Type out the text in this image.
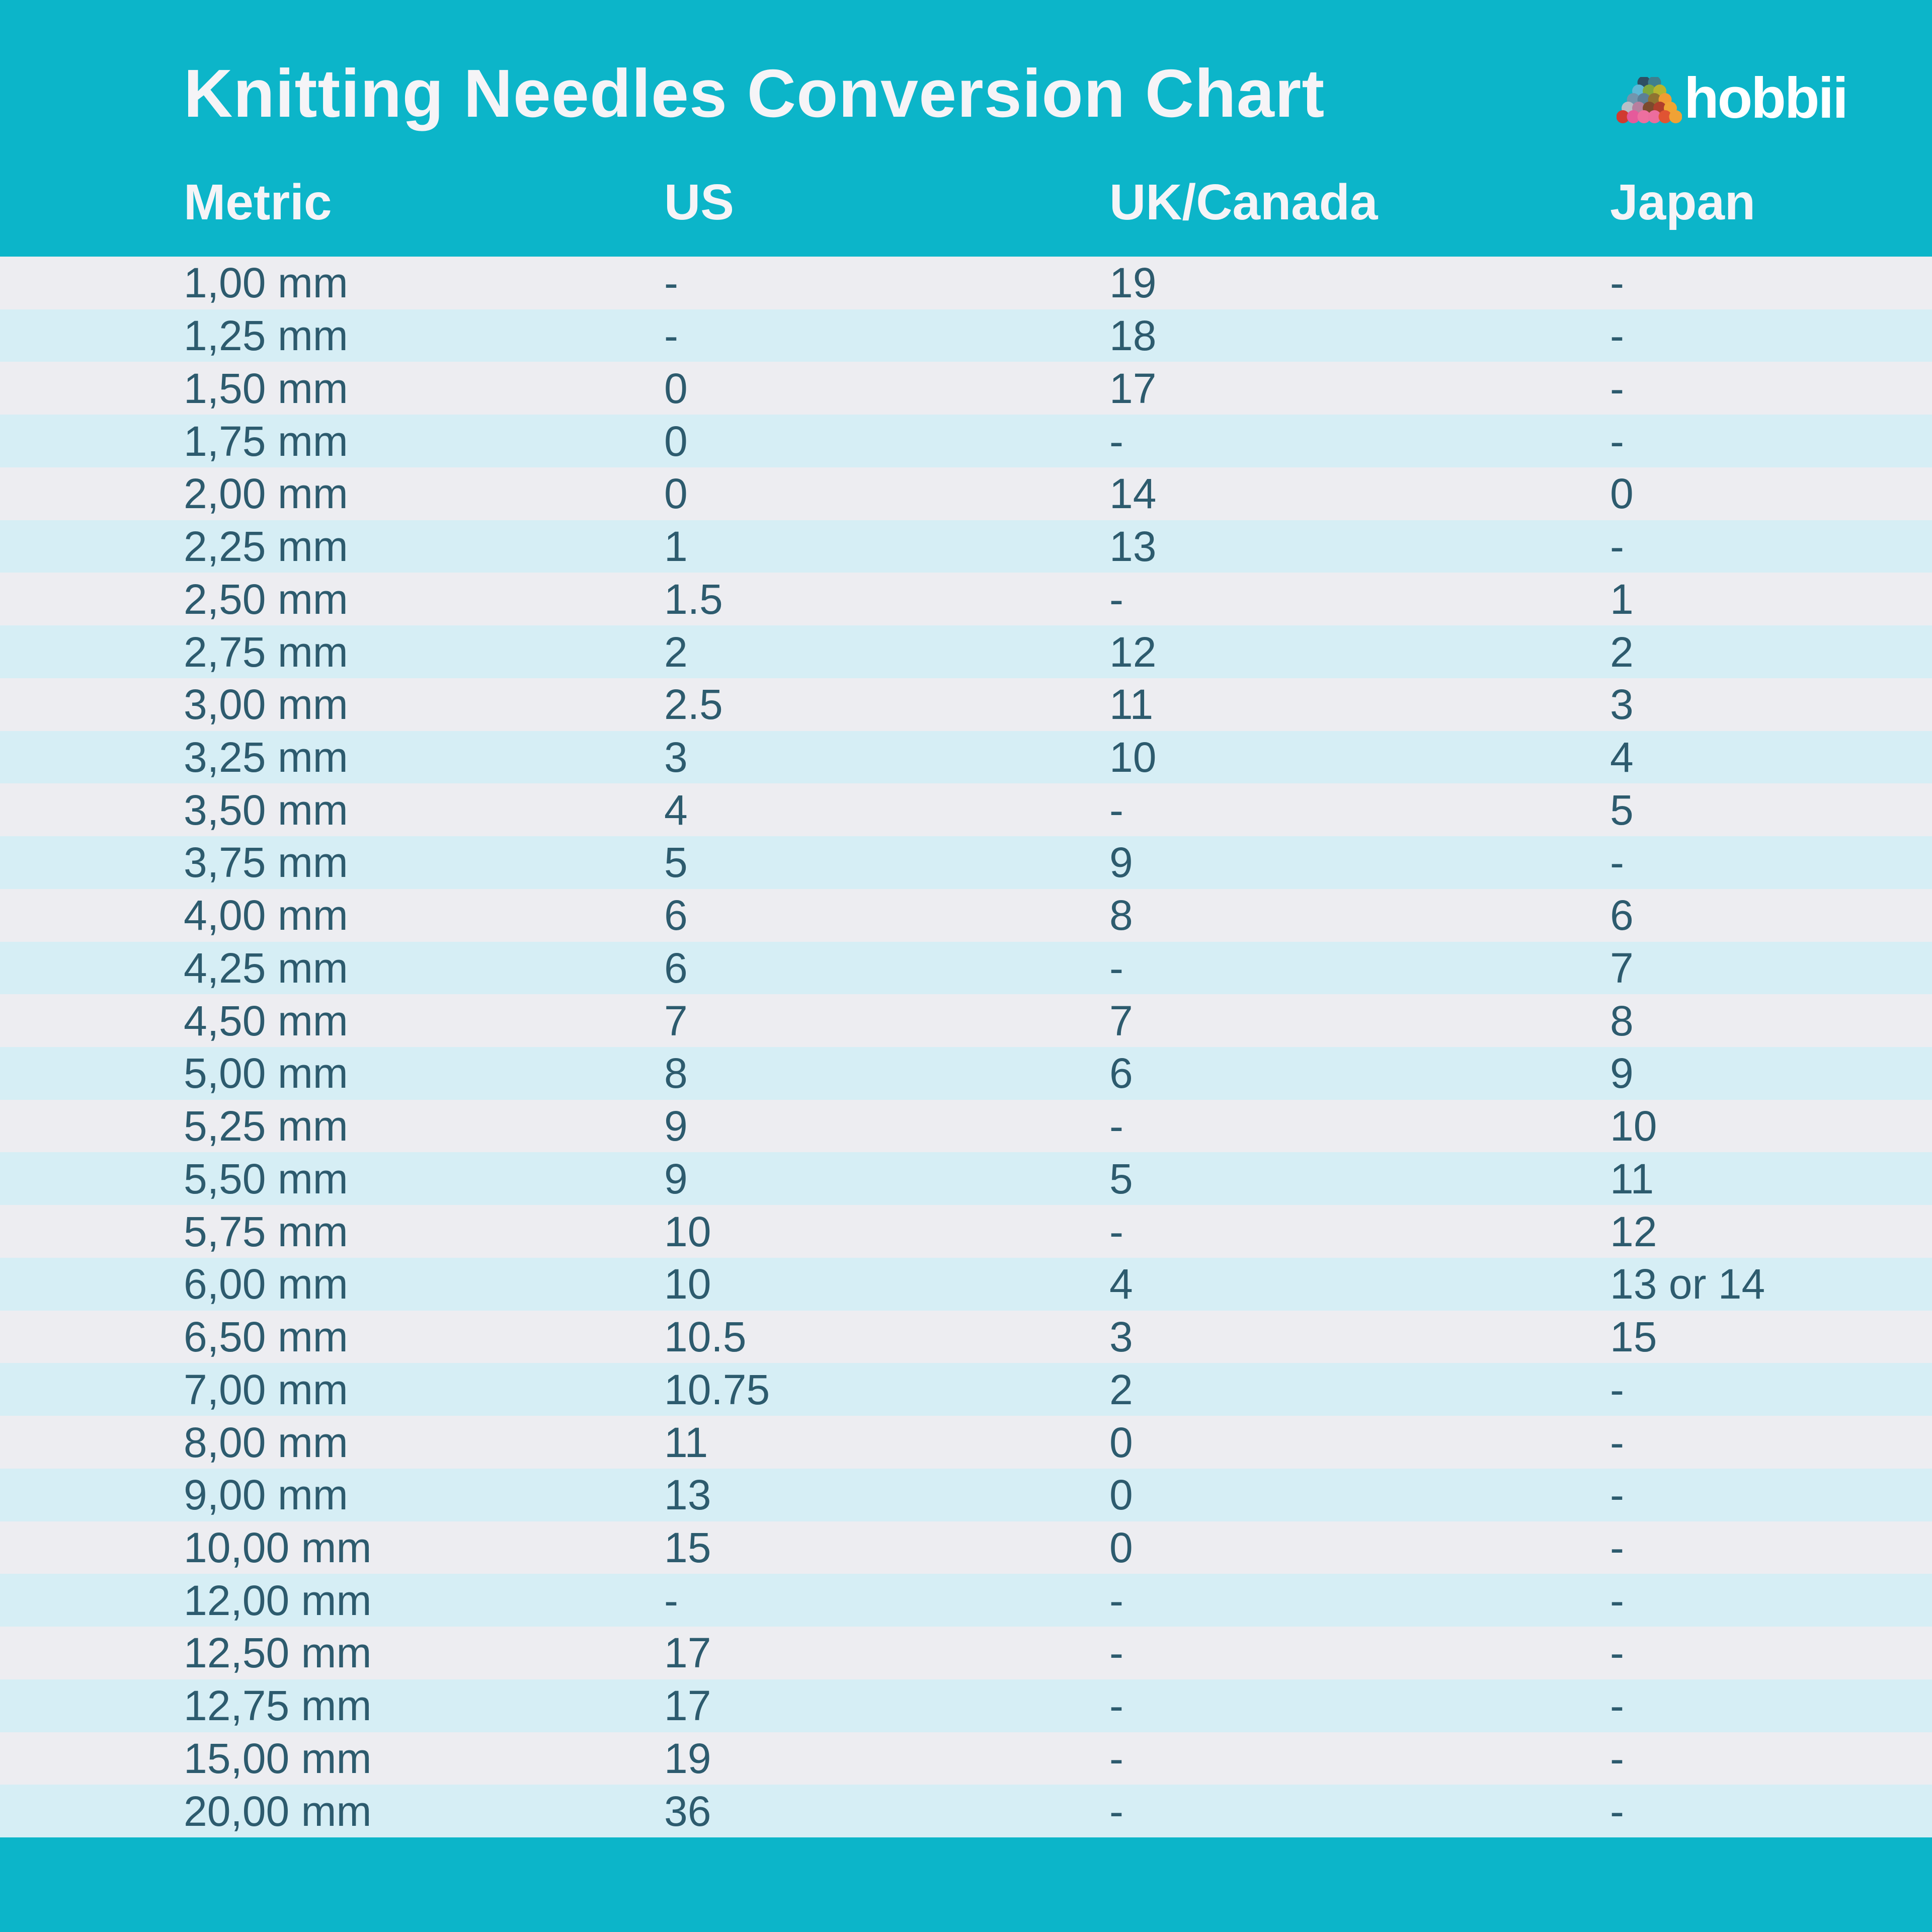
Knitting Needles Conversion Chart	hobbii
Metric	US	UK/Canada	Japan
1,00 mm	-	19	-
1,25 mm	-	18	-
1,50 mm	0	17	-
1,75 mm	0	-	-
2,00 mm	0	14	0
2,25 mm	1	13	-
2,50 mm	1.5	-	1
2,75 mm	2	12	2
3,00 mm	2.5	11	3
3,25 mm	3	10	4
3,50 mm	4	-	5
3,75 mm	5	9	-
4,00 mm	6	8	6
4,25 mm	6	-	7
4,50 mm	7	7	8
5,00 mm	8	6	9
5,25 mm	9	-	10
5,50 mm	9	5	11
5,75 mm	10	-	12
6,00 mm	10	4	13 or 14
6,50 mm	10.5	3	15
7,00 mm	10.75	2	-
8,00 mm	11	0	-
9,00 mm	13	0	-
10,00 mm	15	0	-
12,00 mm	-	-	-
12,50 mm	17	-	-
12,75 mm	17	-	-
15,00 mm	19	-	-
20,00 mm	36	-	-
